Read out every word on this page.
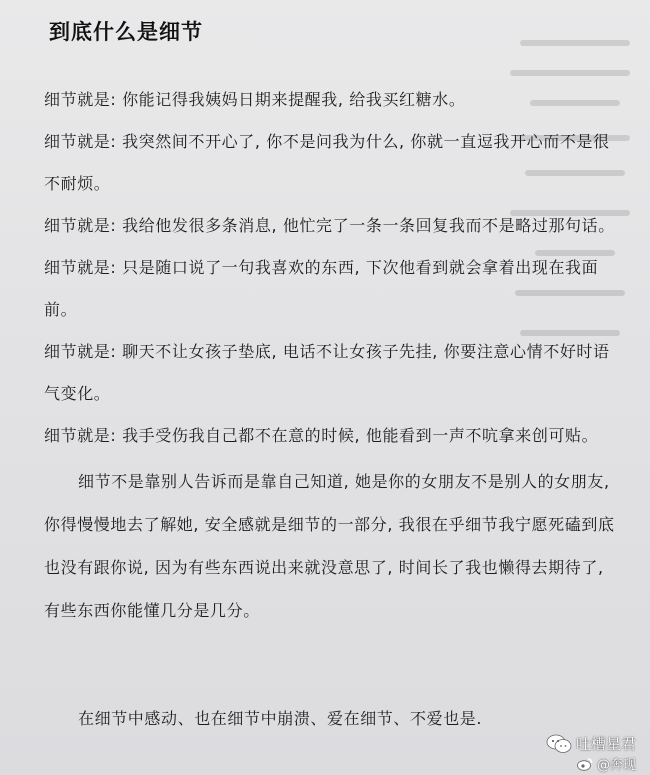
到底什么是细节

细节就是: 你能记得我姨妈日期来提醒我, 给我买红糖水。

细节就是: 我突然间不开心了, 你不是问我为什么, 你就一直逗我开心而不是很不耐烦。

细节就是: 我给他发很多条消息, 他忙完了一条一条回复我而不是略过那句话。

细节就是: 只是随口说了一句我喜欢的东西, 下次他看到就会拿着出现在我面前。

细节就是: 聊天不让女孩子垫底, 电话不让女孩子先挂, 你要注意心情不好时语气变化。

细节就是: 我手受伤我自己都不在意的时候, 他能看到一声不吭拿来创可贴。

细节不是靠别人告诉而是靠自己知道, 她是你的女朋友不是别人的女朋友, 你得慢慢地去了解她, 安全感就是细节的一部分, 我很在乎细节我宁愿死磕到底也没有跟你说, 因为有些东西说出来就没意思了, 时间长了我也懒得去期待了, 有些东西你能懂几分是几分。

在细节中感动、也在细节中崩溃、爱在细节、不爱也是.
吐槽星君
@奔现
